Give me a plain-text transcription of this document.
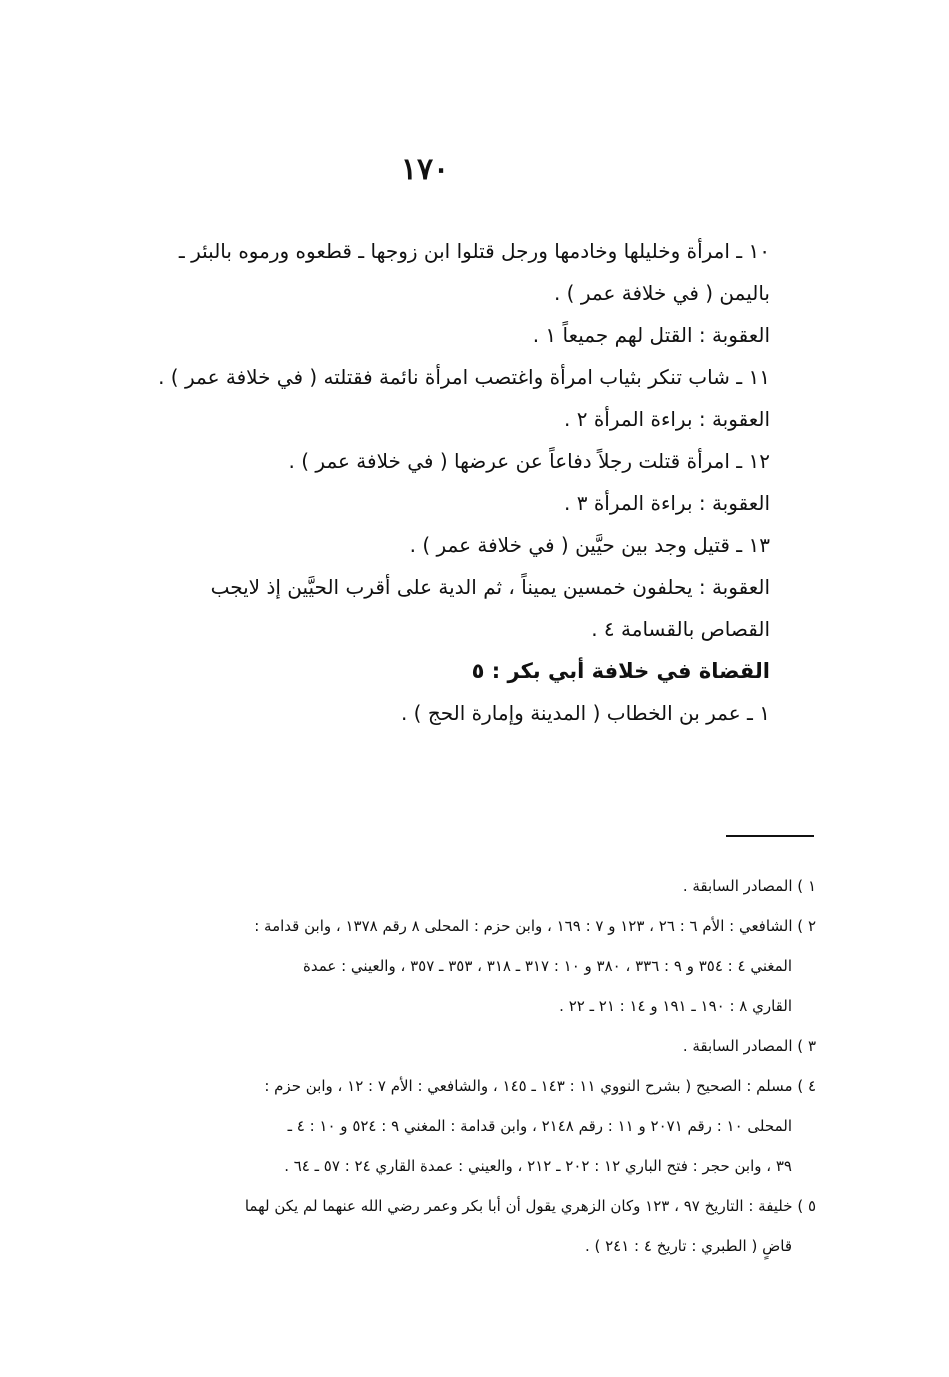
١٧٠
١٠ ـ امرأة وخليلها وخادمها ورجل قتلوا ابن زوجها ـ قطعوه ورموه بالبئر ـ
باليمن ( في خلافة عمر ) .
العقوبة : القتل لهم جميعاً ١ .
١١ ـ شاب تنكر بثياب امرأة واغتصب امرأة نائمة فقتلته ( في خلافة عمر ) .
العقوبة : براءة المرأة ٢ .
١٢ ـ امرأة قتلت رجلاً دفاعاً عن عرضها ( في خلافة عمر ) .
العقوبة : براءة المرأة ٣ .
١٣ ـ قتيل وجد بين حيَّين ( في خلافة عمر ) .
العقوبة : يحلفون خمسين يميناً ، ثم الدية على أقرب الحيَّين إذ لايجب
القصاص بالقسامة ٤ .
القضاة في خلافة أبي بكر : ٥
١ ـ عمر بن الخطاب ( المدينة وإمارة الحج ) .
١ ) المصادر السابقة .
٢ ) الشافعي : الأم ٦ : ٢٦ ، ١٢٣ و ٧ : ١٦٩ ، وابن حزم : المحلى ٨ رقم ١٣٧٨ ، وابن قدامة :
المغني ٤ : ٣٥٤ و ٩ : ٣٣٦ ، ٣٨٠ و ١٠ : ٣١٧ ـ ٣١٨ ، ٣٥٣ ـ ٣٥٧ ، والعيني : عمدة
القاري ٨ : ١٩٠ ـ ١٩١ و ١٤ : ٢١ ـ ٢٢ .
٣ ) المصادر السابقة .
٤ ) مسلم : الصحيح ( بشرح النووي ١١ : ١٤٣ ـ ١٤٥ ، والشافعي : الأم ٧ : ١٢ ، وابن حزم :
المحلى ١٠ : رقم ٢٠٧١ و ١١ : رقم ٢١٤٨ ، وابن قدامة : المغني ٩ : ٥٢٤ و ١٠ : ٤ ـ
٣٩ ، وابن حجر : فتح الباري ١٢ : ٢٠٢ ـ ٢١٢ ، والعيني : عمدة القاري ٢٤ : ٥٧ ـ ٦٤ .
٥ ) خليفة : التاريخ ٩٧ ، ١٢٣ وكان الزهري يقول أن أبا بكر وعمر رضي الله عنهما لم يكن لهما
قاضٍ ( الطبري : تاريخ ٤ : ٢٤١ ) .
